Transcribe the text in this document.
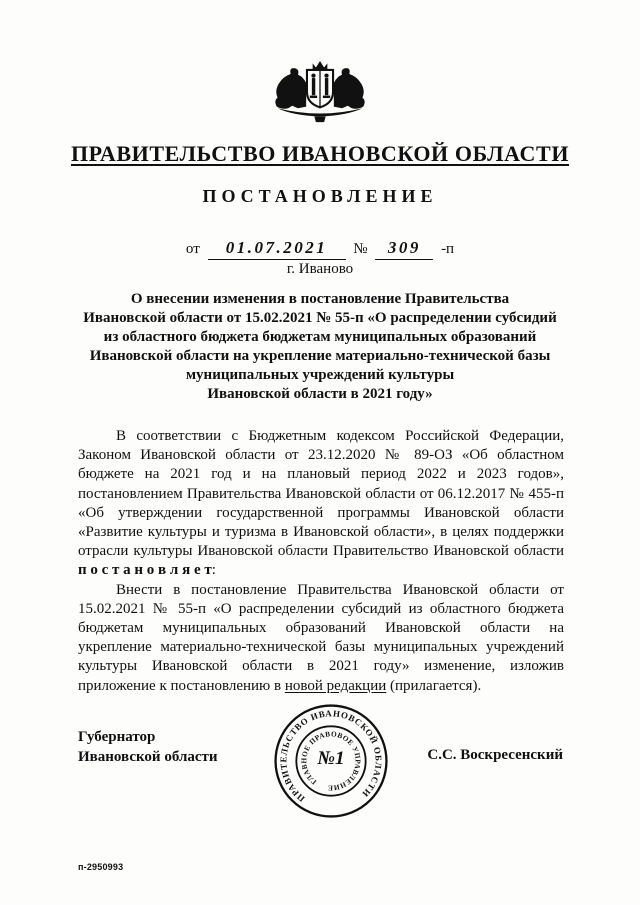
ПРАВИТЕЛЬСТВО ИВАНОВСКОЙ ОБЛАСТИ
ПОСТАНОВЛЕНИЕ
от 01.07.2021 № 309 -п
г. Иваново
О внесении изменения в постановление Правительства
Ивановской области от 15.02.2021 № 55-п «О распределении субсидий
из областного бюджета бюджетам муниципальных образований
Ивановской области на укрепление материально-технической базы
муниципальных учреждений культуры
Ивановской области в 2021 году»

В соответствии с Бюджетным кодексом Российской Федерации, Законом Ивановской области от 23.12.2020 № 89-ОЗ «Об областном бюджете на 2021 год и на плановый период 2022 и 2023 годов», постановлением Правительства Ивановской области от 06.12.2017 № 455-п «Об утверждении государственной программы Ивановской области «Развитие культуры и туризма в Ивановской области», в целях поддержки отрасли культуры Ивановской области Правительство Ивановской области п о с т а н о в л я е т:

Внести в постановление Правительства Ивановской области от 15.02.2021 № 55-п «О распределении субсидий из областного бюджета бюджетам муниципальных образований Ивановской области на укрепление материально-технической базы муниципальных учреждений культуры Ивановской области в 2021 году» изменение, изложив приложение к постановлению в новой редакции (прилагается).

ПРАВИТЕЛЬСТВО ИВАНОВСКОЙ ОБЛАСТИ
ГЛАВНОЕ ПРАВОВОЕ УПРАВЛЕНИЕ
№1
Губернатор
Ивановской области	С.С. Воскресенский
п-2950993
